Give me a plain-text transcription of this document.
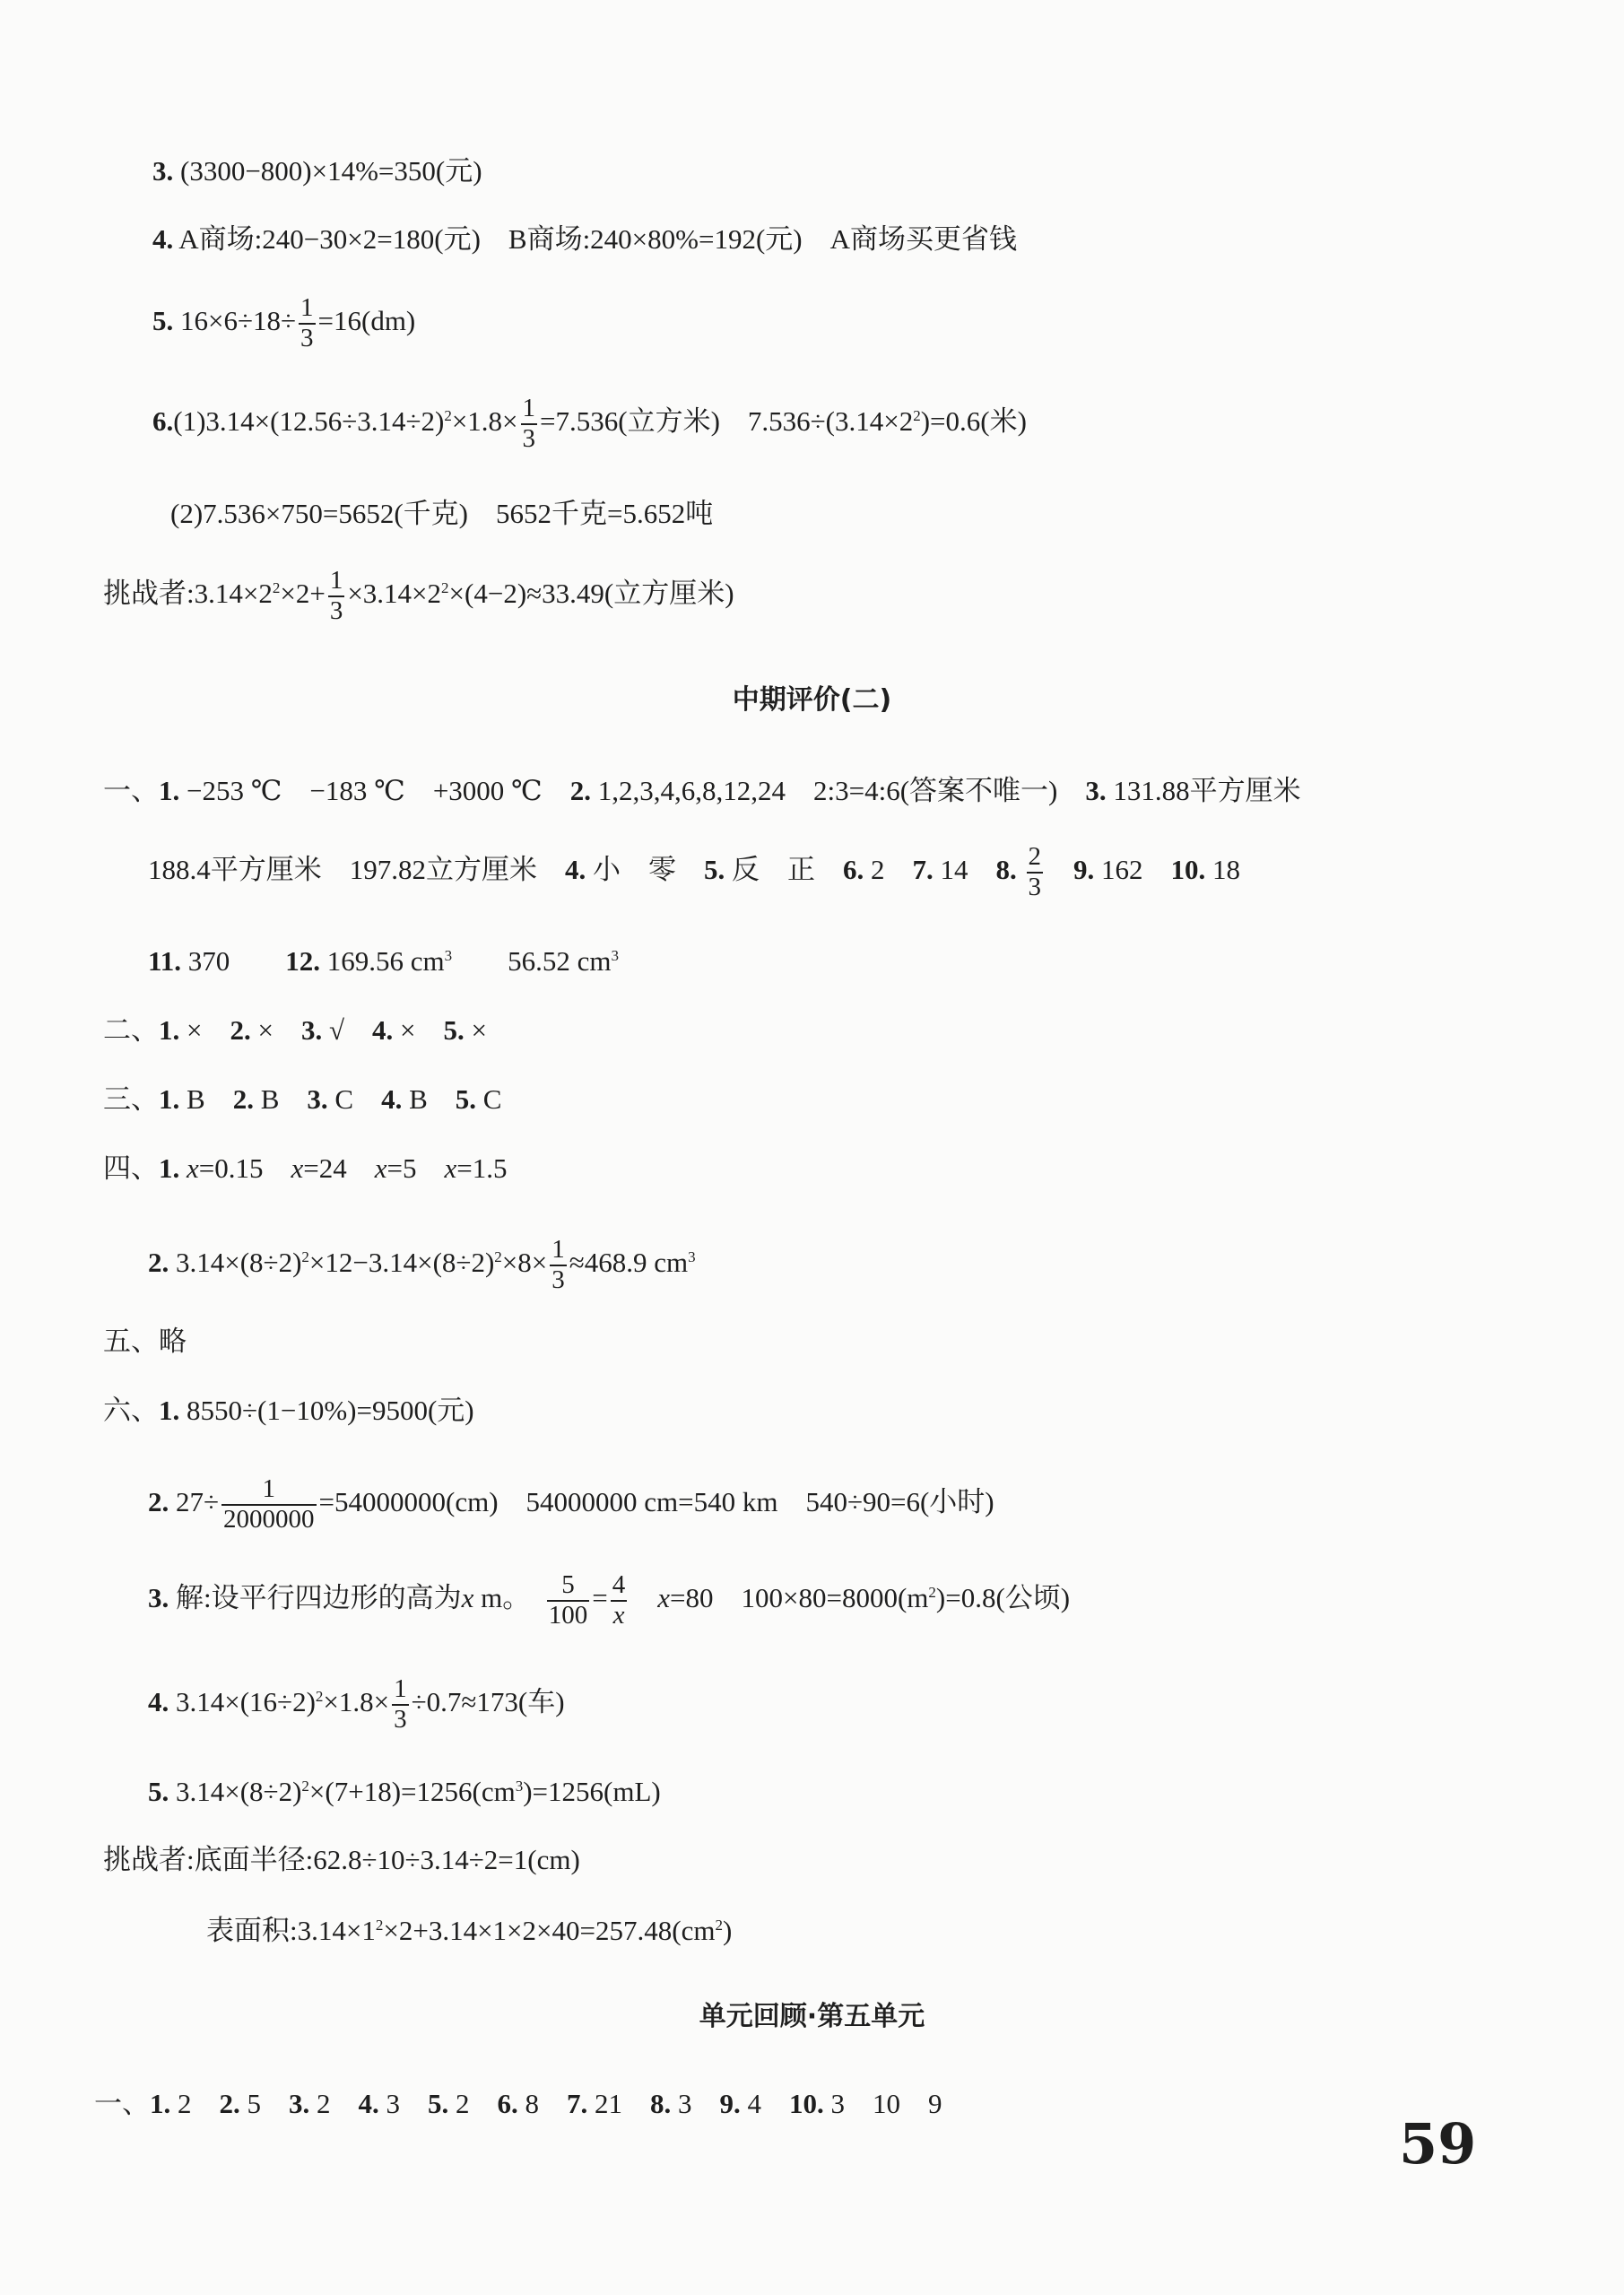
3. (3300−800)×14%=350(元)
4. A商场:240−30×2=180(元)　B商场:240×80%=192(元)　A商场买更省钱
5. $16\times 6\div 18\div \frac{1}{3} =16(dm)$
$6.(1)3.14\times(12.56\div 3.14\div 2)^2\times 1.8\times \frac{1}{3} =7.536$(立方米)　$7.536\div(3.14\times 2^2)=0.6$(米)
(2)7.536×750=5652(千克)　5652千克=5.652吨
挑战者$:3.14\times 2^2\times 2+ \frac{1}{3} \times 3.14\times 2^2\times(4-2)\approx 33.49$(立方厘米)
中期评价(二)
一、1. −253 ℃　−183 ℃　+3000 ℃　 2. 1,2,3,4,6,8,12,24　2:3=4:6(答案不唯一)　 3. 131.88平方厘米
188.4平方厘米　197.82立方厘米　 4. 小　零　 5. 反　正　 6. 2　 7. 14　 8. $\frac{2}{3}$
　 9. 162　 10. 18
11. 370　　 12. 169.56 $cm^3$　　 56.52 $cm^3$
二、1. ×　 2. ×　 3. √　 4. ×　 5. ×
三、1. B　 2. B　 3. C　 4. B　 5. C
四、1. x=0.15　 x=24　 x=5　 x=1.5
2. $3.14\times(8\div 2)^2\times 12-3.14\times(8\div 2)^2\times 8\times \frac{1}{3} \approx 468.9$ $cm^3$
五、略
六、1. 8550÷(1−10%)=9500(元)
2. $27\div \frac{1}{2000000} =54000000(cm)$　54000000 cm=540 km　540÷90=6(小时)
3. 解:设平行四边形的高为x m。　 $\frac{5}{100} = \frac{4}{x}$　 x=80　$100\times 80=8000(m^2)=0.8$(公顷)
4. $3.14\times(16\div 2)^2\times 1.8\times \frac{1}{3} \div 0.7\approx 173$(车)
5. $3.14\times(8\div 2)^2\times(7+18)=1256(cm^3)=1256(mL)$
挑战者:底面半径:62.8÷10÷3.14÷2=1(cm)
表面积$:3.14\times 1^2\times 2+3.14\times 1\times 2\times 40=257.48(cm^2)$
单元回顾·第五单元
一、1. 2　 2. 5　 3. 2　 4. 3　 5. 2　 6. 8　 7. 21　 8. 3　 9. 4　 10. 3　10　9
59
